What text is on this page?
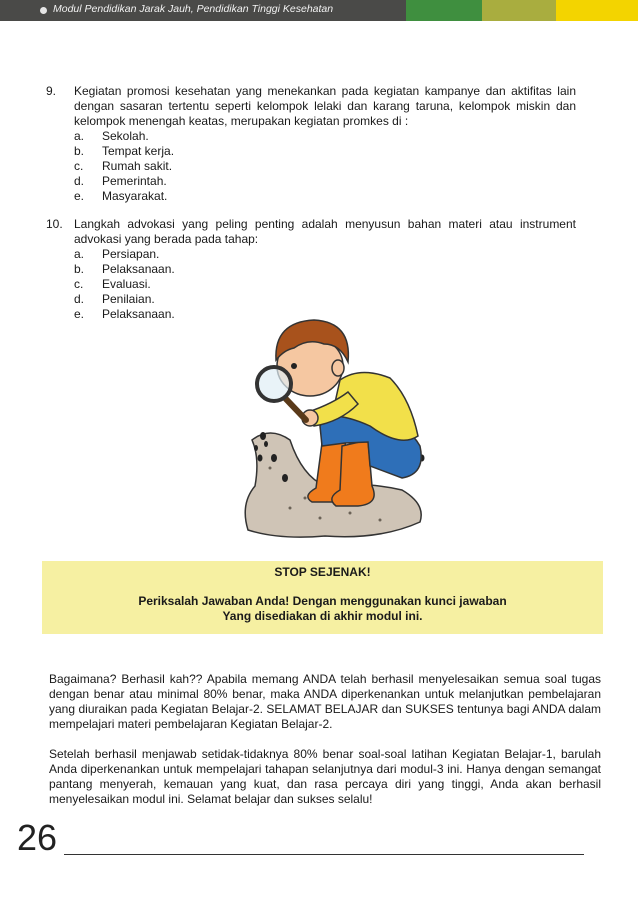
Modul Pendidikan Jarak Jauh, Pendidikan Tinggi Kesehatan
9.	Kegiatan promosi kesehatan yang menekankan pada kegiatan kampanye dan aktifitas lain dengan sasaran tertentu seperti kelompok lelaki dan karang taruna, kelompok miskin dan kelompok menengah keatas, merupakan kegiatan promkes di :
a. Sekolah.
b. Tempat kerja.
c. Rumah sakit.
d. Pemerintah.
e. Masyarakat.
10. Langkah advokasi yang peling penting adalah menyusun bahan materi atau instrument advokasi yang berada pada tahap:
a. Persiapan.
b. Pelaksanaan.
c. Evaluasi.
d. Penilaian.
e. Pelaksanaan.
STOP SEJENAK!
Periksalah Jawaban Anda! Dengan menggunakan kunci jawaban
Yang disediakan di akhir modul ini.

Bagaimana? Berhasil kah?? Apabila memang ANDA telah berhasil menyelesaikan semua soal tugas dengan benar atau minimal 80% benar, maka ANDA diperkenankan untuk melanjutkan pembelajaran yang diuraikan pada Kegiatan Belajar-2. SELAMAT BELAJAR dan SUKSES tentunya bagi ANDA dalam mempelajari materi pembelajaran Kegiatan Belajar-2.

Setelah berhasil menjawab setidak-tidaknya 80% benar soal-soal latihan Kegiatan Belajar-1, barulah Anda diperkenankan untuk mempelajari tahapan selanjutnya dari modul-3 ini. Hanya dengan semangat pantang menyerah, kemauan yang kuat, dan rasa percaya diri yang tinggi, Anda akan berhasil menyelesaikan modul ini. Selamat belajar dan sukses selalu!

26
